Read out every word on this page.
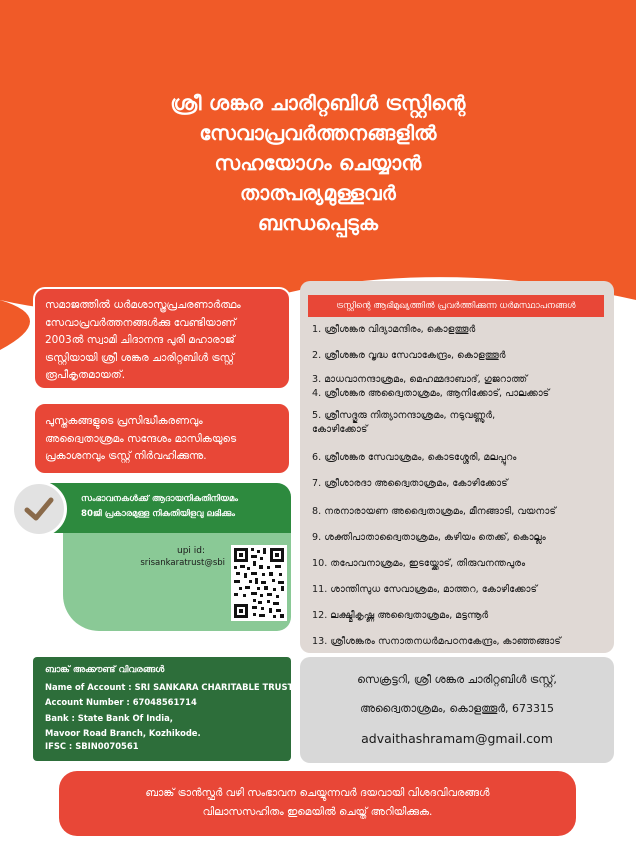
ശ്രീ ശങ്കര ചാരിറ്റബിൾ ട്രസ്റ്റിന്റെ
സേവാപ്രവർത്തനങ്ങളിൽ
സഹയോഗം ചെയ്യാൻ
താത്പര്യമുള്ളവർ
ബന്ധപ്പെടുക
സമാജത്തിൽ ധർമശാസ്ത്രപ്രചരണാർത്ഥം
സേവാപ്രവർത്തനങ്ങൾക്കു വേണ്ടിയാണ്
2003ൽ സ്വാമി ചിദാനന്ദ പുരി മഹാരാജ്
ട്രസ്റ്റിയായി ശ്രീ ശങ്കര ചാരിറ്റബിൾ ട്രസ്റ്റ്
രൂപീകൃതമായത്.
പുസ്തകങ്ങളുടെ പ്രസിദ്ധീകരണവും
അദ്വൈതാശ്രമം സന്ദേശം മാസികയുടെ
പ്രകാശനവും ട്രസ്റ്റ് നിർവഹിക്കുന്നു.
സംഭാവനകൾക്ക് ആദായനികുതിനിയമം
80ജി പ്രകാരമുള്ള നികുതിയിളവു ലഭിക്കും
upi id:
srisankaratrust@sbi
ട്രസ്റ്റിന്റെ ആഭിമുഖ്യത്തിൽ പ്രവർത്തിക്കുന്ന ധർമസ്ഥാപനങ്ങൾ
1. ശ്രീശങ്കര വിദ്യാമന്ദിരം, കൊളത്തൂർ
2. ശ്രീശങ്കര വൃദ്ധ സേവാകേന്ദ്രം, കൊളത്തൂർ
3. മാധവാനന്ദാശ്രമം, മെഹമ്മദാബാദ്, ഗുജറാത്ത്
4. ശ്രീശങ്കര അദ്വൈതാശ്രമം, ആനിക്കോട്, പാലക്കാട്
5. ശ്രീസദ്ഗുരു നിത്യാനന്ദാശ്രമം, നടുവണ്ണൂർ, കോഴിക്കോട്
6. ശ്രീശങ്കര സേവാശ്രമം, കൊടശ്ശേരി, മലപ്പുറം
7. ശ്രീശാരദാ അദ്വൈതാശ്രമം, കോഴിക്കോട്
8. നരനാരായണ അദ്വൈതാശ്രമം, മീനങ്ങാടി, വയനാട്
9. ശക്തിപാതാദ്വൈതാശ്രമം, കഴിയം തെക്ക്, കൊല്ലം
10. തപോവനാശ്രമം, ഇടയ്ക്കോട്, തിരുവനന്തപുരം
11. ശാന്തിസുധ സേവാശ്രമം, മാത്തറ, കോഴിക്കോട്
12. ലക്ഷ്മീകൃഷ്ണ അദ്വൈതാശ്രമം, മട്ടന്നൂർ
13. ശ്രീശങ്കരം സനാതനധർമപഠനകേന്ദ്രം, കാഞ്ഞങ്ങാട്
ബാങ്ക് അക്കൗണ്ട് വിവരങ്ങൾ
Name of Account : SRI SANKARA CHARITABLE TRUST
Account Number : 67048561714
Bank : State Bank Of India,
Mavoor Road Branch, Kozhikode.
IFSC : SBIN0070561
സെക്രട്ടറി, ശ്രീ ശങ്കര ചാരിറ്റബിൾ ട്രസ്റ്റ്,
അദ്വൈതാശ്രമം, കൊളത്തൂർ, 673315
advaithashramam@gmail.com
ബാങ്ക് ട്രാൻസ്ഫർ വഴി സംഭാവന ചെയ്യുന്നവർ ദയവായി വിശദവിവരങ്ങൾ
വിലാസസഹിതം ഇമെയിൽ ചെയ്ത് അറിയിക്കുക.
